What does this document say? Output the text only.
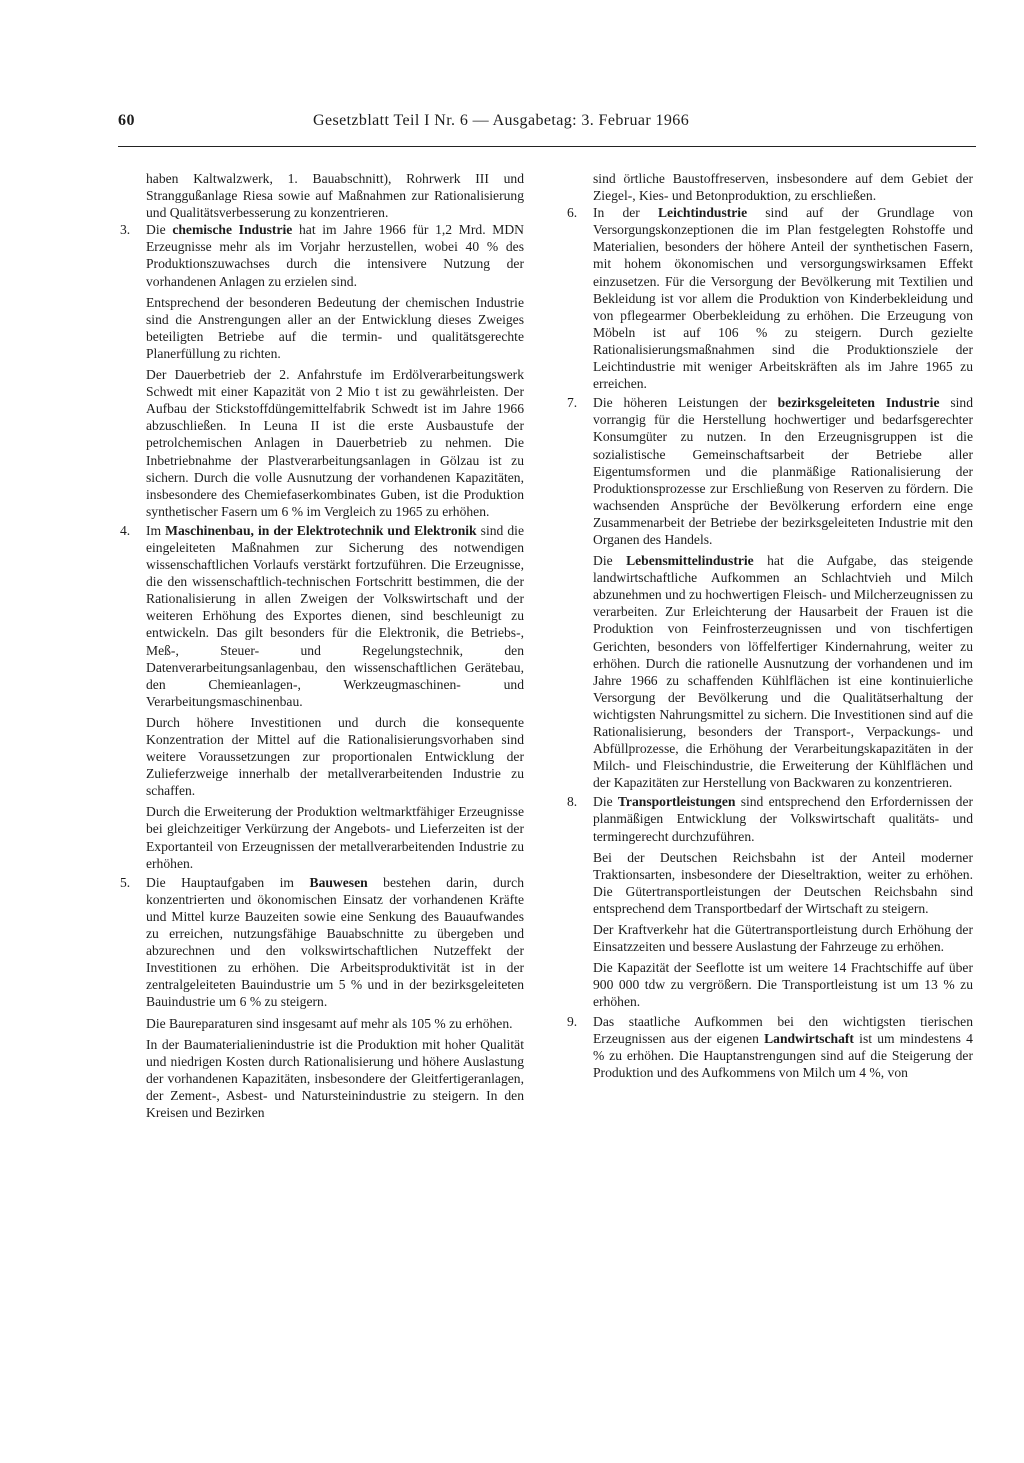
60	Gesetzblatt Teil I Nr. 6 — Ausgabetag: 3. Februar 1966

haben Kaltwalzwerk, 1. Bauabschnitt), Rohrwerk III und Stranggußanlage Riesa sowie auf Maßnahmen zur Rationalisierung und Qualitätsverbesserung zu konzentrieren.

3.	Die chemische Industrie hat im Jahre 1966 für 1,2 Mrd. MDN Erzeugnisse mehr als im Vorjahr herzustellen, wobei 40 % des Produktionszuwachses durch die intensivere Nutzung der vorhandenen Anlagen zu erzielen sind.

Entsprechend der besonderen Bedeutung der chemischen Industrie sind die Anstrengungen aller an der Entwicklung dieses Zweiges beteiligten Betriebe auf die termin- und qualitätsgerechte Planerfüllung zu richten.

Der Dauerbetrieb der 2. Anfahrstufe im Erdölverarbeitungswerk Schwedt mit einer Kapazität von 2 Mio t ist zu gewährleisten. Der Aufbau der Stickstoffdüngemittelfabrik Schwedt ist im Jahre 1966 abzuschließen. In Leuna II ist die erste Ausbaustufe der petrolchemischen Anlagen in Dauerbetrieb zu nehmen. Die Inbetriebnahme der Plastverarbeitungsanlagen in Gölzau ist zu sichern. Durch die volle Ausnutzung der vorhandenen Kapazitäten, insbesondere des Chemiefaserkombinates Guben, ist die Produktion synthetischer Fasern um 6 % im Vergleich zu 1965 zu erhöhen.

4.	Im Maschinenbau, in der Elektrotechnik und Elektronik sind die eingeleiteten Maßnahmen zur Sicherung des notwendigen wissenschaftlichen Vorlaufs verstärkt fortzuführen. Die Erzeugnisse, die den wissenschaftlich-technischen Fortschritt bestimmen, die der Rationalisierung in allen Zweigen der Volkswirtschaft und der weiteren Erhöhung des Exportes dienen, sind beschleunigt zu entwickeln. Das gilt besonders für die Elektronik, die Betriebs-, Meß-, Steuer- und Regelungstechnik, den Datenverarbeitungsanlagenbau, den wissenschaftlichen Gerätebau, den Chemieanlagen-, Werkzeugmaschinen- und Verarbeitungsmaschinenbau.

Durch höhere Investitionen und durch die konsequente Konzentration der Mittel auf die Rationalisierungsvorhaben sind weitere Voraussetzungen zur proportionalen Entwicklung der Zulieferzweige innerhalb der metallverarbeitenden Industrie zu schaffen.

Durch die Erweiterung der Produktion weltmarktfähiger Erzeugnisse bei gleichzeitiger Verkürzung der Angebots- und Lieferzeiten ist der Exportanteil von Erzeugnissen der metallverarbeitenden Industrie zu erhöhen.

5.	Die Hauptaufgaben im Bauwesen bestehen darin, durch konzentrierten und ökonomischen Einsatz der vorhandenen Kräfte und Mittel kurze Bauzeiten sowie eine Senkung des Bauaufwandes zu erreichen, nutzungsfähige Bauabschnitte zu übergeben und abzurechnen und den volkswirtschaftlichen Nutzeffekt der Investitionen zu erhöhen. Die Arbeitsproduktivität ist in der zentralgeleiteten Bauindustrie um 5 % und in der bezirksgeleiteten Bauindustrie um 6 % zu steigern.

Die Baureparaturen sind insgesamt auf mehr als 105 % zu erhöhen.

In der Baumaterialienindustrie ist die Produktion mit hoher Qualität und niedrigen Kosten durch Rationalisierung und höhere Auslastung der vorhandenen Kapazitäten, insbesondere der Gleitfertigeranlagen, der Zement-, Asbest- und Natursteinindustrie zu steigern. In den Kreisen und Bezirken

sind örtliche Baustoffreserven, insbesondere auf dem Gebiet der Ziegel-, Kies- und Betonproduktion, zu erschließen.

6.	In der Leichtindustrie sind auf der Grundlage von Versorgungskonzeptionen die im Plan festgelegten Rohstoffe und Materialien, besonders der höhere Anteil der synthetischen Fasern, mit hohem ökonomischen und versorgungswirksamen Effekt einzusetzen. Für die Versorgung der Bevölkerung mit Textilien und Bekleidung ist vor allem die Produktion von Kinderbekleidung und von pflegearmer Oberbekleidung zu erhöhen. Die Erzeugung von Möbeln ist auf 106 % zu steigern. Durch gezielte Rationalisierungsmaßnahmen sind die Produktionsziele der Leichtindustrie mit weniger Arbeitskräften als im Jahre 1965 zu erreichen.

7.	Die höheren Leistungen der bezirksgeleiteten Industrie sind vorrangig für die Herstellung hochwertiger und bedarfsgerechter Konsumgüter zu nutzen. In den Erzeugnisgruppen ist die sozialistische Gemeinschaftsarbeit der Betriebe aller Eigentumsformen und die planmäßige Rationalisierung der Produktionsprozesse zur Erschließung von Reserven zu fördern. Die wachsenden Ansprüche der Bevölkerung erfordern eine enge Zusammenarbeit der Betriebe der bezirksgeleiteten Industrie mit den Organen des Handels.

Die Lebensmittelindustrie hat die Aufgabe, das steigende landwirtschaftliche Aufkommen an Schlachtvieh und Milch abzunehmen und zu hochwertigen Fleisch- und Milcherzeugnissen zu verarbeiten. Zur Erleichterung der Hausarbeit der Frauen ist die Produktion von Feinfrosterzeugnissen und von tischfertigen Gerichten, besonders von löffelfertiger Kindernahrung, weiter zu erhöhen. Durch die rationelle Ausnutzung der vorhandenen und im Jahre 1966 zu schaffenden Kühlflächen ist eine kontinuierliche Versorgung der Bevölkerung und die Qualitätserhaltung der wichtigsten Nahrungsmittel zu sichern. Die Investitionen sind auf die Rationalisierung, besonders der Transport-, Verpackungs- und Abfüllprozesse, die Erhöhung der Verarbeitungskapazitäten in der Milch- und Fleischindustrie, die Erweiterung der Kühlflächen und der Kapazitäten zur Herstellung von Backwaren zu konzentrieren.

8.	Die Transportleistungen sind entsprechend den Erfordernissen der planmäßigen Entwicklung der Volkswirtschaft qualitäts- und termingerecht durchzuführen.

Bei der Deutschen Reichsbahn ist der Anteil moderner Traktionsarten, insbesondere der Dieseltraktion, weiter zu erhöhen. Die Gütertransportleistungen der Deutschen Reichsbahn sind entsprechend dem Transportbedarf der Wirtschaft zu steigern.

Der Kraftverkehr hat die Gütertransportleistung durch Erhöhung der Einsatzzeiten und bessere Auslastung der Fahrzeuge zu erhöhen.

Die Kapazität der Seeflotte ist um weitere 14 Frachtschiffe auf über 900 000 tdw zu vergrößern. Die Transportleistung ist um 13 % zu erhöhen.

9.	Das staatliche Aufkommen bei den wichtigsten tierischen Erzeugnissen aus der eigenen Landwirtschaft ist um mindestens 4 % zu erhöhen. Die Hauptanstrengungen sind auf die Steigerung der Produktion und des Aufkommens von Milch um 4 %, von
